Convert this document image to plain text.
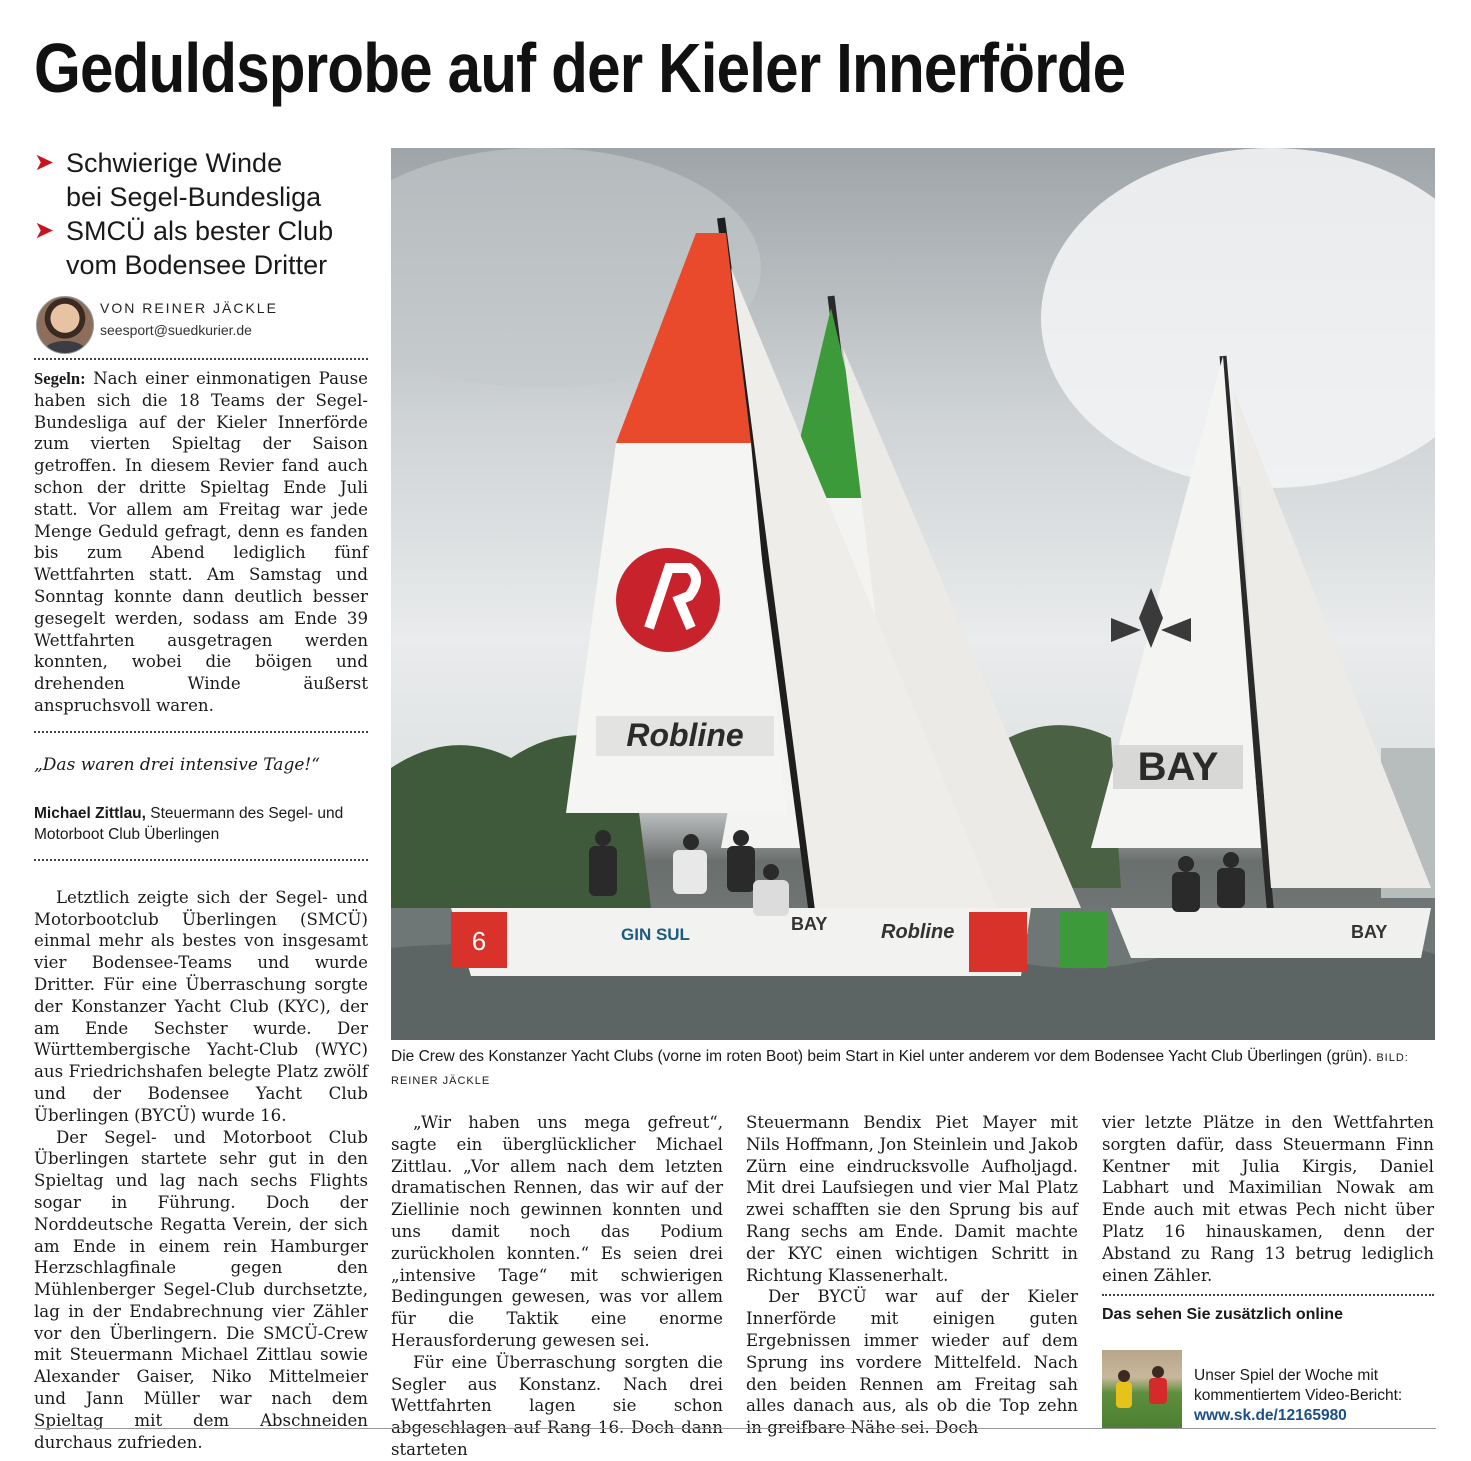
Geduldsprobe auf der Kieler Innerförde
➤ Schwierige Winde
bei Segel-Bundesliga
➤ SMCÜ als bester Club
vom Bodensee Dritter
VON REINER JÄCKLE
seesport@suedkurier.de

Segeln: Nach einer einmonatigen Pause haben sich die 18 Teams der Segel-Bundesliga auf der Kieler Innerförde zum vierten Spieltag der Saison getroffen. In diesem Revier fand auch schon der dritte Spieltag Ende Juli statt. Vor allem am Freitag war jede Menge Geduld gefragt, denn es fanden bis zum Abend lediglich fünf Wettfahrten statt. Am Samstag und Sonntag konnte dann deutlich besser gesegelt werden, sodass am Ende 39 Wettfahrten ausgetragen werden konnten, wobei die böigen und drehenden Winde äußerst anspruchsvoll waren.

„Das waren drei intensive Tage!“
Michael Zittlau, Steuermann des Segel- und Motorboot Club Überlingen

Letztlich zeigte sich der Segel- und Motorbootclub Überlingen (SMCÜ) einmal mehr als bestes von insgesamt vier Bodensee-Teams und wurde Dritter. Für eine Überraschung sorgte der Konstanzer Yacht Club (KYC), der am Ende Sechster wurde. Der Württembergische Yacht-Club (WYC) aus Friedrichshafen belegte Platz zwölf und der Bodensee Yacht Club Überlingen (BYCÜ) wurde 16.

Der Segel- und Motorboot Club Überlingen startete sehr gut in den Spieltag und lag nach sechs Flights sogar in Führung. Doch der Norddeutsche Regatta Verein, der sich am Ende in einem rein Hamburger Herzschlagfinale gegen den Mühlenberger Segel-Club durchsetzte, lag in der Endabrechnung vier Zähler vor den Überlingern. Die SMCÜ-Crew mit Steuermann Michael Zittlau sowie Alexander Gaiser, Niko Mittelmeier und Jann Müller war nach dem Spieltag mit dem Abschneiden durchaus zufrieden.

BAY
BAY
Robline
6	GIN SUL
BAY	Robline
Die Crew des Konstanzer Yacht Clubs (vorne im roten Boot) beim Start in Kiel unter anderem vor dem Bodensee Yacht Club Überlingen (grün). BILD: REINER JÄCKLE

„Wir haben uns mega gefreut“, sagte ein überglücklicher Michael Zittlau. „Vor allem nach dem letzten dramatischen Rennen, das wir auf der Ziellinie noch gewinnen konnten und uns damit noch das Podium zurückholen konnten.“ Es seien drei „intensive Tage“ mit schwierigen Bedingungen gewesen, was vor allem für die Taktik eine enorme Herausforderung gewesen sei.

Für eine Überraschung sorgten die Segler aus Konstanz. Nach drei Wettfahrten lagen sie schon abgeschlagen auf Rang 16. Doch dann starteten

Steuermann Bendix Piet Mayer mit Nils Hoffmann, Jon Steinlein und Jakob Zürn eine eindrucksvolle Aufholjagd. Mit drei Laufsiegen und vier Mal Platz zwei schafften sie den Sprung bis auf Rang sechs am Ende. Damit machte der KYC einen wichtigen Schritt in Richtung Klassenerhalt.

Der BYCÜ war auf der Kieler Innerförde mit einigen guten Ergebnissen immer wieder auf dem Sprung ins vordere Mittelfeld. Nach den beiden Rennen am Freitag sah alles danach aus, als ob die Top zehn in greifbare Nähe sei. Doch

vier letzte Plätze in den Wettfahrten sorgten dafür, dass Steuermann Finn Kentner mit Julia Kirgis, Daniel Labhart und Maximilian Nowak am Ende auch mit etwas Pech nicht über Platz 16 hinauskamen, denn der Abstand zu Rang 13 betrug lediglich einen Zähler.

Das sehen Sie zusätzlich online
Unser Spiel der Woche mit kommentiertem Video-Bericht:
www.sk.de/12165980
